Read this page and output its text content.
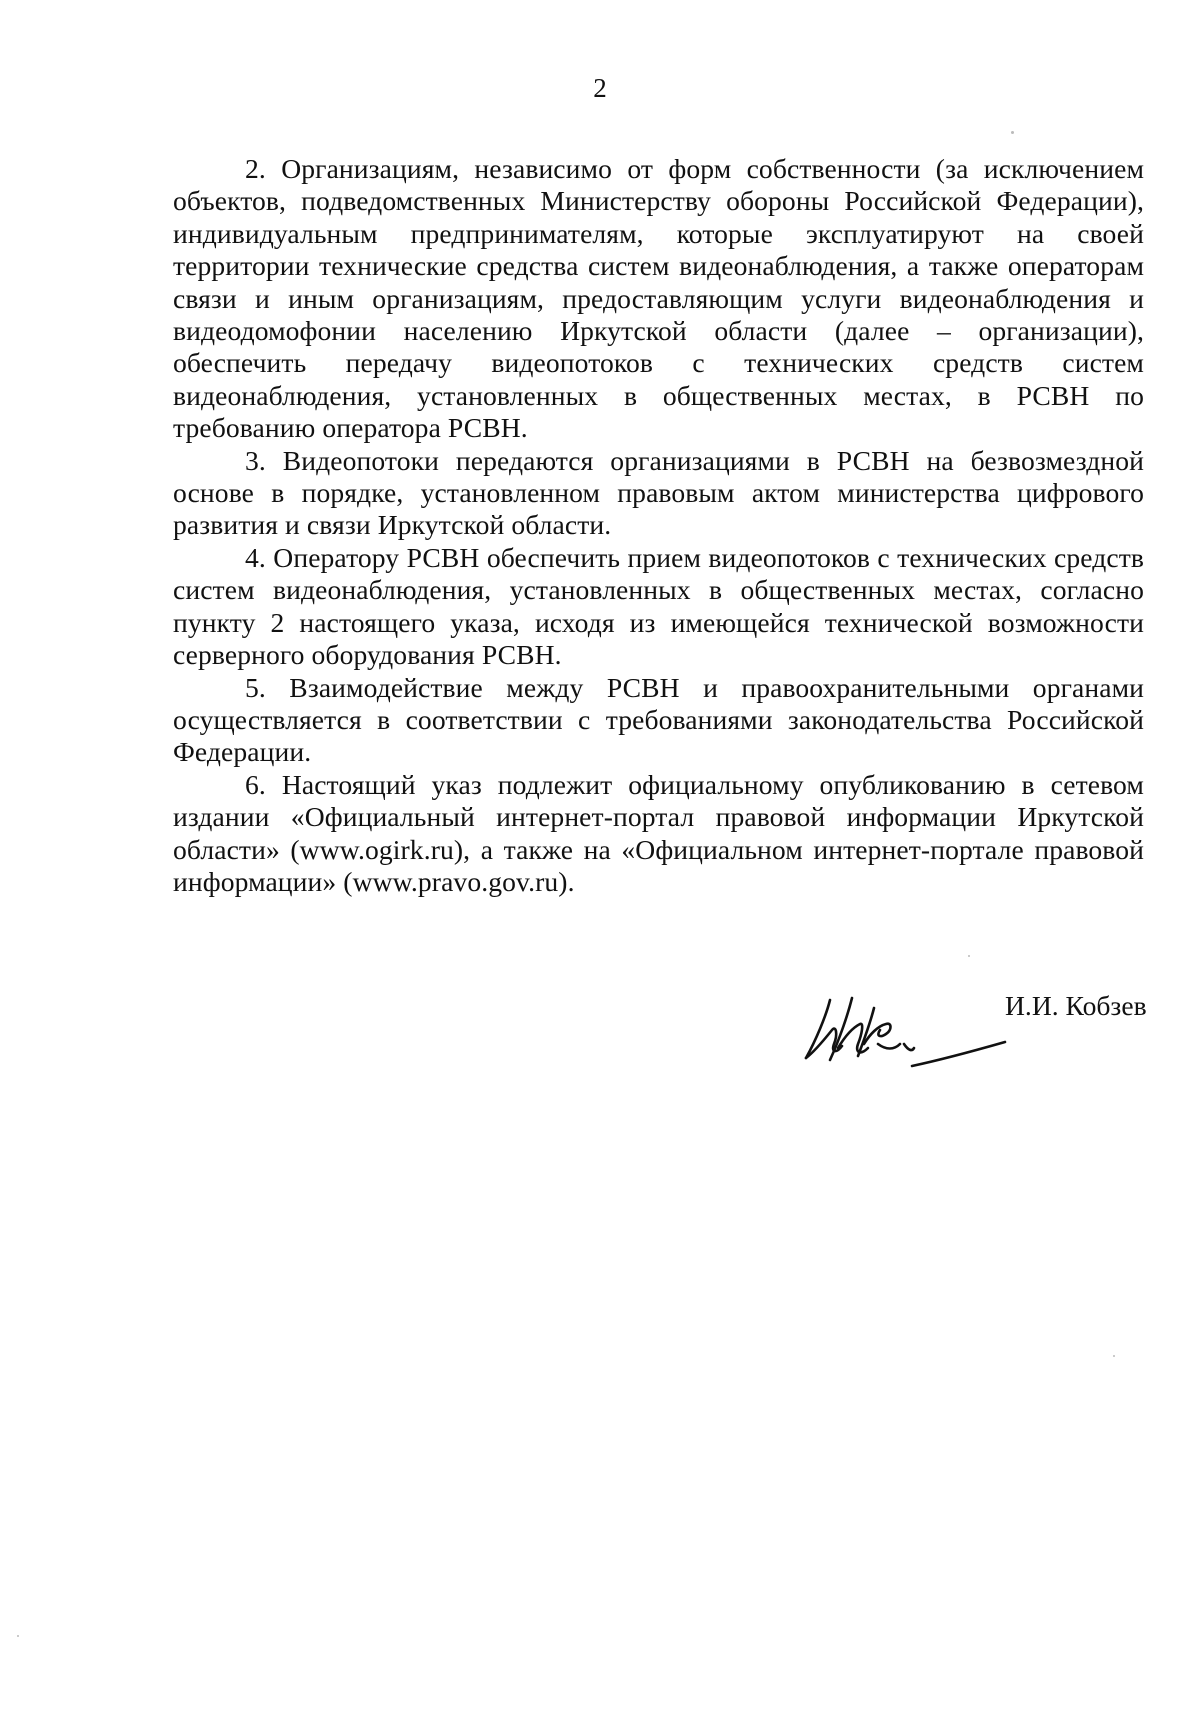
2

2. Организациям, независимо от форм собственности (за исключением объектов, подведомственных Министерству обороны Российской Федерации), индивидуальным предпринимателям, которые эксплуатируют на своей территории технические средства систем видеонаблюдения, а также операторам связи и иным организациям, предоставляющим услуги видеонаблюдения и видеодомофонии населению Иркутской области (далее – организации), обеспечить передачу видеопотоков с технических средств систем видеонаблюдения, установленных в общественных местах, в РСВН по требованию оператора РСВН.

3. Видеопотоки передаются организациями в РСВН на безвозмездной основе в порядке, установленном правовым актом министерства цифрового развития и связи Иркутской области.

4. Оператору РСВН обеспечить прием видеопотоков с технических средств систем видеонаблюдения, установленных в общественных местах, согласно пункту 2 настоящего указа, исходя из имеющейся технической возможности серверного оборудования РСВН.

5. Взаимодействие между РСВН и правоохранительными органами осуществляется в соответствии с требованиями законодательства Российской Федерации.

6. Настоящий указ подлежит официальному опубликованию в сетевом издании «Официальный интернет-портал правовой информации Иркутской области» (www.ogirk.ru), а также на «Официальном интернет-портале правовой информации» (www.pravo.gov.ru).

И.И. Кобзев
